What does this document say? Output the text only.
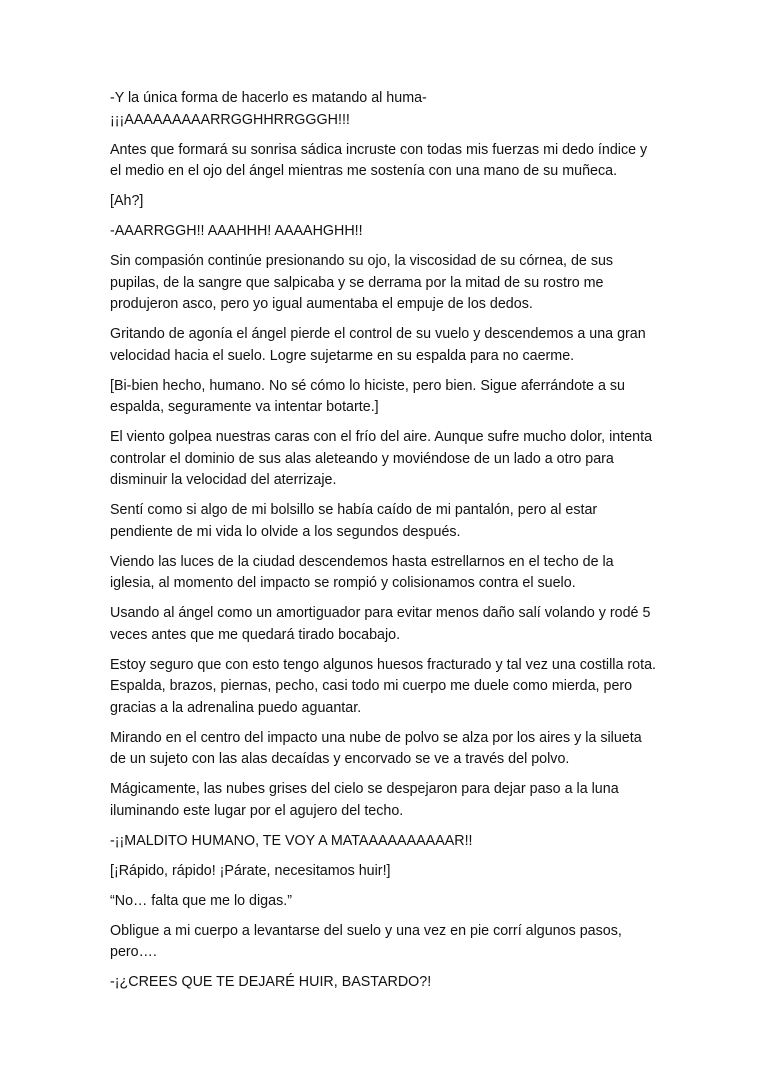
-Y la única forma de hacerlo es matando al huma- ¡¡¡AAAAAAAAARRGGHHRRGGGH!!!

Antes que formará su sonrisa sádica incruste con todas mis fuerzas mi dedo índice y el medio en el ojo del ángel mientras me sostenía con una mano de su muñeca.

[Ah?]

-AAARRGGH!! AAAHHH! AAAAHGHH!!

Sin compasión continúe presionando su ojo, la viscosidad de su córnea, de sus pupilas, de la sangre que salpicaba y se derrama por la mitad de su rostro me produjeron asco, pero yo igual aumentaba el empuje de los dedos.

Gritando de agonía el ángel pierde el control de su vuelo y descendemos a una gran velocidad hacia el suelo. Logre sujetarme en su espalda para no caerme.

[Bi-bien hecho, humano. No sé cómo lo hiciste, pero bien. Sigue aferrándote a su espalda, seguramente va intentar botarte.]

El viento golpea nuestras caras con el frío del aire. Aunque sufre mucho dolor, intenta controlar el dominio de sus alas aleteando y moviéndose de un lado a otro para disminuir la velocidad del aterrizaje.

Sentí como si algo de mi bolsillo se había caído de mi pantalón, pero al estar pendiente de mi vida lo olvide a los segundos después.

Viendo las luces de la ciudad descendemos hasta estrellarnos en el techo de la iglesia, al momento del impacto se rompió y colisionamos contra el suelo.

Usando al ángel como un amortiguador para evitar menos daño salí volando y rodé 5 veces antes que me quedará tirado bocabajo.

Estoy seguro que con esto tengo algunos huesos fracturado y tal vez una costilla rota. Espalda, brazos, piernas, pecho, casi todo mi cuerpo me duele como mierda, pero gracias a la adrenalina puedo aguantar.

Mirando en el centro del impacto una nube de polvo se alza por los aires y la silueta de un sujeto con las alas decaídas y encorvado se ve a través del polvo.

Mágicamente, las nubes grises del cielo se despejaron para dejar paso a la luna iluminando este lugar por el agujero del techo.

-¡¡MALDITO HUMANO, TE VOY A MATAAAAAAAAAAR!!

[¡Rápido, rápido! ¡Párate, necesitamos huir!]

“No… falta que me lo digas.”

Obligue a mi cuerpo a levantarse del suelo y una vez en pie corrí algunos pasos, pero….

-¡¿CREES QUE TE DEJARÉ HUIR, BASTARDO?!
